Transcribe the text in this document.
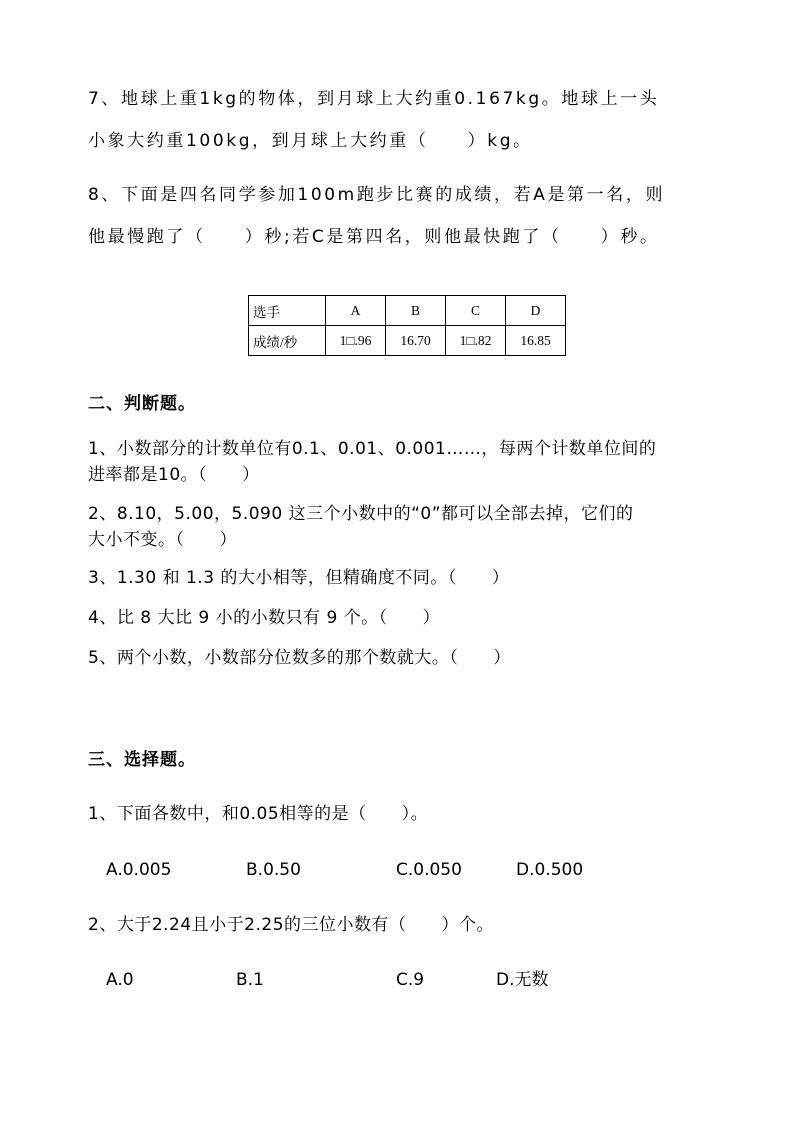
7、地球上重1kg的物体，到月球上大约重0.167kg。地球上一头
小象大约重100kg，到月球上大约重（　　）kg。
8、下面是四名同学参加100m跑步比赛的成绩，若A是第一名，则
他最慢跑了（　　）秒;若C是第四名，则他最快跑了（　　）秒。
选手	A	B	C	D
成绩/秒	1□.96	16.70	1□.82	16.85
二、判断题。
1、小数部分的计数单位有0.1、0.01、0.001……，每两个计数单位间的
进率都是10。（　　）
2、8.10，5.00，5.090 这三个小数中的“0”都可以全部去掉，它们的
大小不变。（　　）
3、1.30 和 1.3 的大小相等，但精确度不同。（　　）
4、比 8 大比 9 小的小数只有 9 个。（　　）
5、两个小数，小数部分位数多的那个数就大。（　　）
三、选择题。
1、下面各数中，和0.05相等的是（　　）。
A.0.005	B.0.50	C.0.050	D.0.500
2、大于2.24且小于2.25的三位小数有（　　）个。
A.0	B.1	C.9	D.无数
